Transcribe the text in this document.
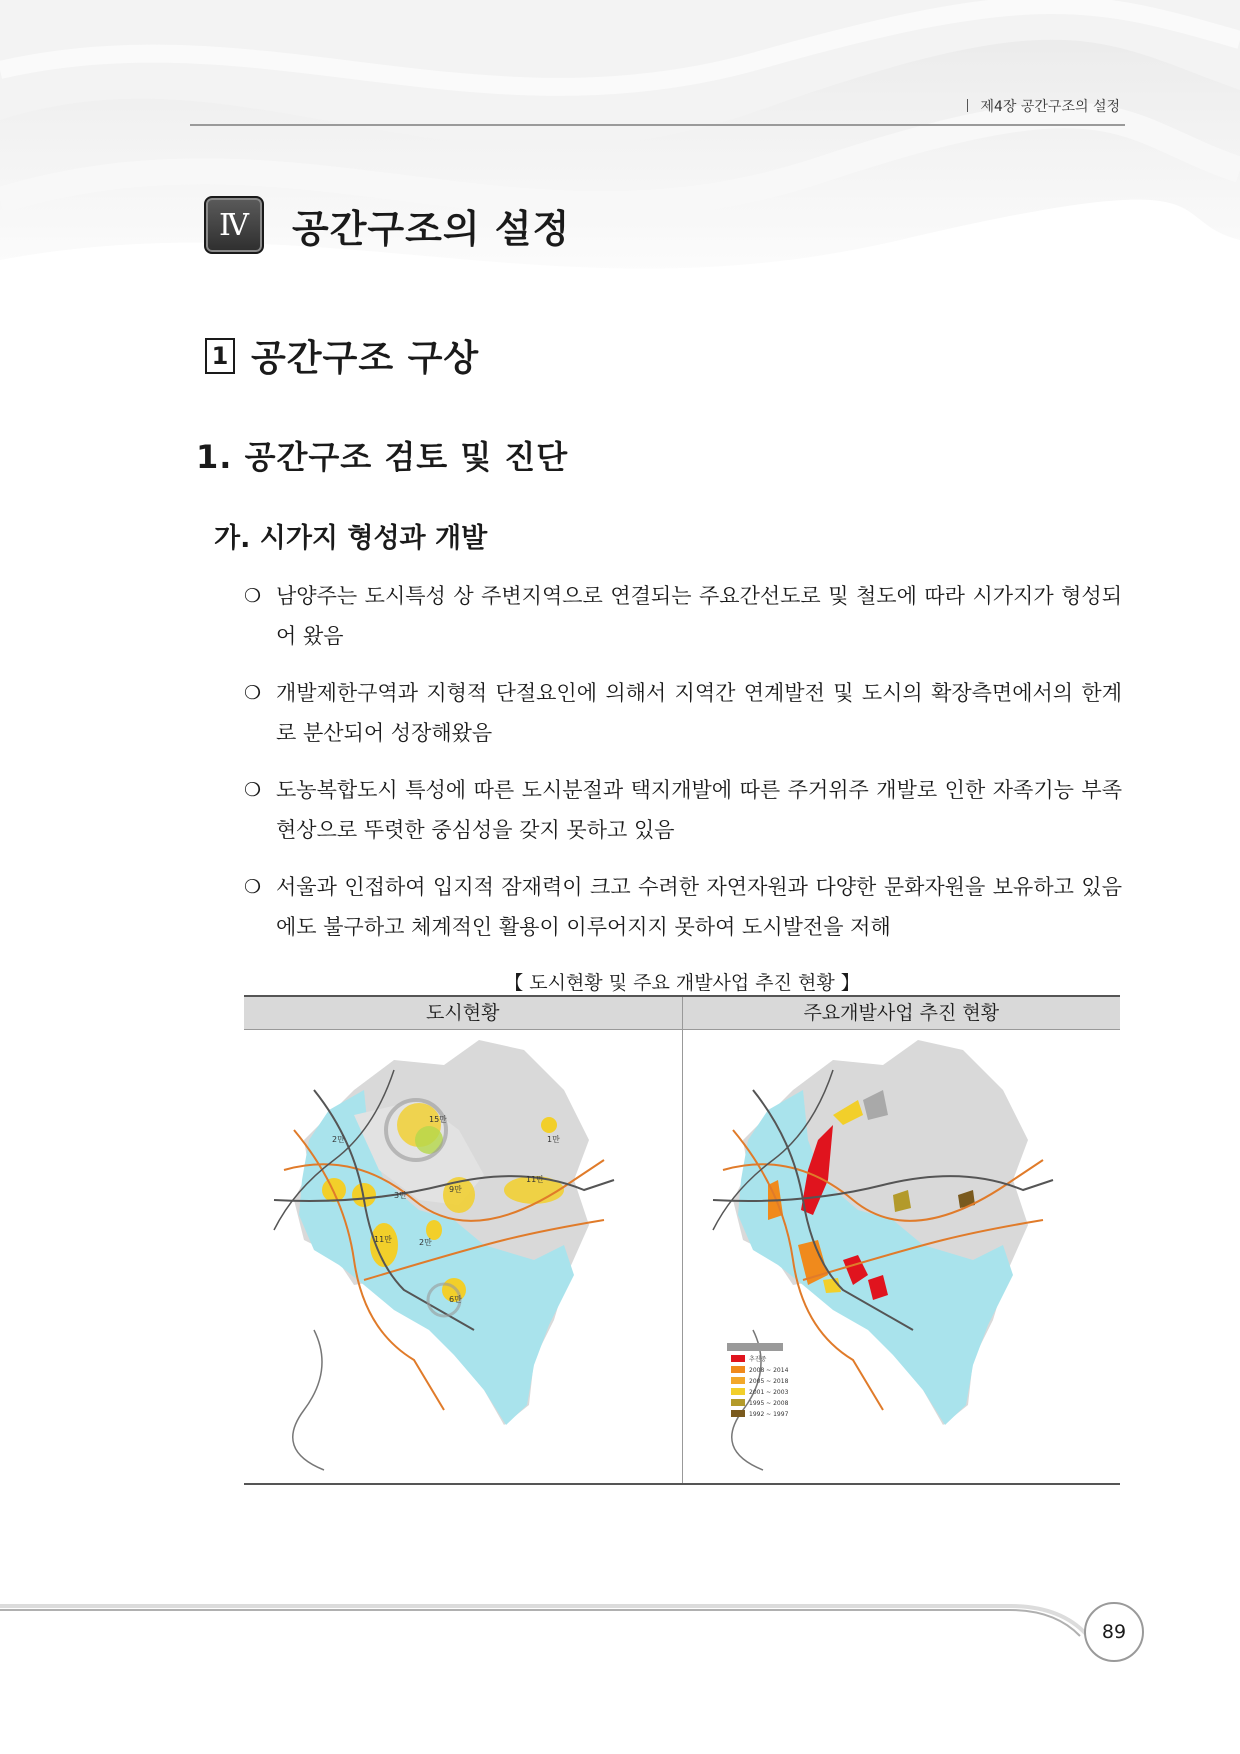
제4장 공간구조의 설정
Ⅳ	공간구조의 설정
1 공간구조 구상
1. 공간구조 검토 및 진단
가. 시가지 형성과 개발
❍ 남양주는 도시특성 상 주변지역으로 연결되는 주요간선도로 및 철도에 따라 시가지가 형성되어 왔음
❍ 개발제한구역과 지형적 단절요인에 의해서 지역간 연계발전 및 도시의 확장측면에서의 한계로 분산되어 성장해왔음
❍ 도농복합도시 특성에 따른 도시분절과 택지개발에 따른 주거위주 개발로 인한 자족기능 부족현상으로 뚜렷한 중심성을 갖지 못하고 있음
❍ 서울과 인접하여 입지적 잠재력이 크고 수려한 자연자원과 다양한 문화자원을 보유하고 있음에도 불구하고 체계적인 활용이 이루어지지 못하여 도시발전을 저해
【 도시현황 및 주요 개발사업 추진 현황 】
도시현황	주요개발사업 추진 현황
2만
15만
1만
11만
9만
3만
2만
11만
6만
추진중
2008 ~ 2014
2005 ~ 2018
2001 ~ 2003
1995 ~ 2008
1992 ~ 1997
89
